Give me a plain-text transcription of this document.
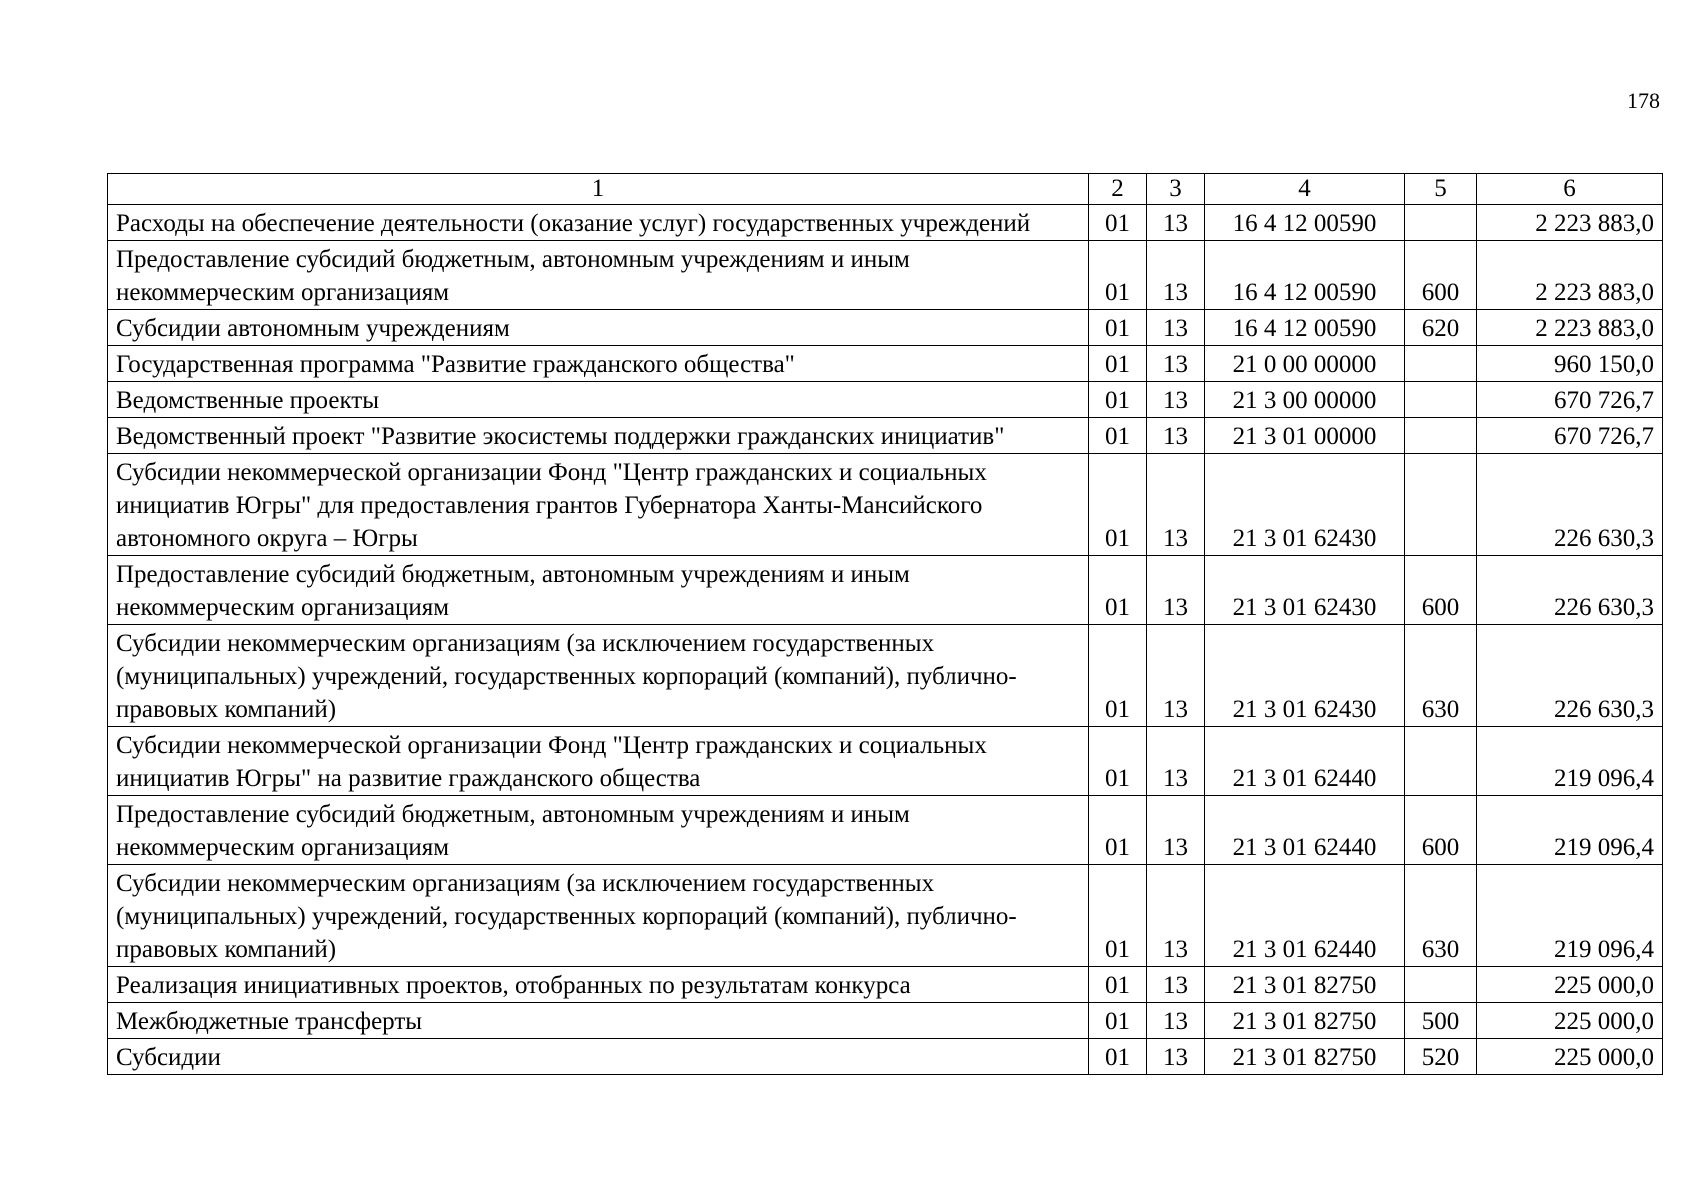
178
1	2	3	4	5	6
Расходы на обеспечение деятельности (оказание услуг) государственных учреждений	01	13	16 4 12 00590		2 223 883,0
Предоставление субсидий бюджетным, автономным учреждениям и иным некоммерческим организациям	01	13	16 4 12 00590	600	2 223 883,0
Субсидии автономным учреждениям	01	13	16 4 12 00590	620	2 223 883,0
Государственная программа "Развитие гражданского общества"	01	13	21 0 00 00000		960 150,0
Ведомственные проекты	01	13	21 3 00 00000		670 726,7
Ведомственный проект "Развитие экосистемы поддержки гражданских инициатив"	01	13	21 3 01 00000		670 726,7
Субсидии некоммерческой организации Фонд "Центр гражданских и социальных инициатив Югры" для предоставления грантов Губернатора Ханты-Мансийского автономного округа – Югры	01	13	21 3 01 62430		226 630,3
Предоставление субсидий бюджетным, автономным учреждениям и иным некоммерческим организациям	01	13	21 3 01 62430	600	226 630,3
Субсидии некоммерческим организациям (за исключением государственных (муниципальных) учреждений, государственных корпораций (компаний), публично-правовых компаний)	01	13	21 3 01 62430	630	226 630,3
Субсидии некоммерческой организации Фонд "Центр гражданских и социальных инициатив Югры" на развитие гражданского общества	01	13	21 3 01 62440		219 096,4
Предоставление субсидий бюджетным, автономным учреждениям и иным некоммерческим организациям	01	13	21 3 01 62440	600	219 096,4
Субсидии некоммерческим организациям (за исключением государственных (муниципальных) учреждений, государственных корпораций (компаний), публично-правовых компаний)	01	13	21 3 01 62440	630	219 096,4
Реализация инициативных проектов, отобранных по результатам конкурса	01	13	21 3 01 82750		225 000,0
Межбюджетные трансферты	01	13	21 3 01 82750	500	225 000,0
Субсидии	01	13	21 3 01 82750	520	225 000,0
